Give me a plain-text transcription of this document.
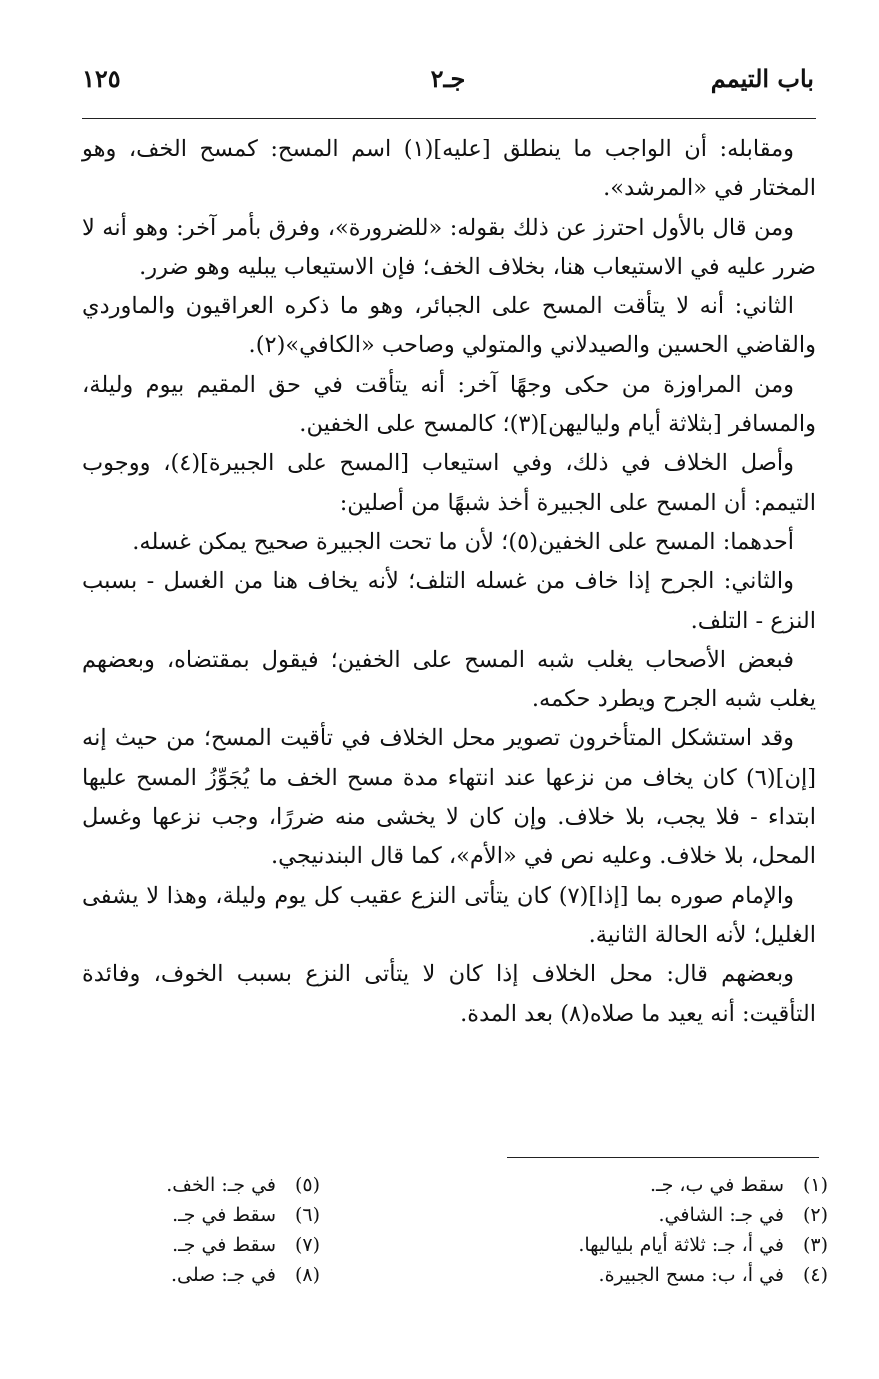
باب التيمم
جـ٢
١٢٥

ومقابله: أن الواجب ما ينطلق [عليه](١) اسم المسح: كمسح الخف، وهو المختار في «المرشد».

ومن قال بالأول احترز عن ذلك بقوله: «للضرورة»، وفرق بأمر آخر: وهو أنه لا ضرر عليه في الاستيعاب هنا، بخلاف الخف؛ فإن الاستيعاب يبليه وهو ضرر.

الثاني: أنه لا يتأقت المسح على الجبائر، وهو ما ذكره العراقيون والماوردي والقاضي الحسين والصيدلاني والمتولي وصاحب «الكافي»(٢).

ومن المراوزة من حكى وجهًا آخر: أنه يتأقت في حق المقيم بيوم وليلة، والمسافر [بثلاثة أيام ولياليهن](٣)؛ كالمسح على الخفين.

وأصل الخلاف في ذلك، وفي استيعاب [المسح على الجبيرة](٤)، ووجوب التيمم: أن المسح على الجبيرة أخذ شبهًا من أصلين:

أحدهما: المسح على الخفين(٥)؛ لأن ما تحت الجبيرة صحيح يمكن غسله.

والثاني: الجرح إذا خاف من غسله التلف؛ لأنه يخاف هنا من الغسل - بسبب النزع - التلف.

فبعض الأصحاب يغلب شبه المسح على الخفين؛ فيقول بمقتضاه، وبعضهم يغلب شبه الجرح ويطرد حكمه.

وقد استشكل المتأخرون تصوير محل الخلاف في تأقيت المسح؛ من حيث إنه [إن](٦) كان يخاف من نزعها عند انتهاء مدة مسح الخف ما يُجَوِّزُ المسح عليها ابتداء - فلا يجب، بلا خلاف. وإن كان لا يخشى منه ضررًا، وجب نزعها وغسل المحل، بلا خلاف. وعليه نص في «الأم»، كما قال البندنيجي.

والإمام صوره بما [إذا](٧) كان يتأتى النزع عقيب كل يوم وليلة، وهذا لا يشفى الغليل؛ لأنه الحالة الثانية.

وبعضهم قال: محل الخلاف إذا كان لا يتأتى النزع بسبب الخوف، وفائدة التأقيت: أنه يعيد ما صلاه(٨) بعد المدة.

(١)
سقط في ب، جـ.
(٢)
في جـ: الشافي.
(٣)
في أ، جـ: ثلاثة أيام بلياليها.
(٤)
في أ، ب: مسح الجبيرة.
(٥)
في جـ: الخف.
(٦)
سقط في جـ.
(٧)
سقط في جـ.
(٨)
في جـ: صلى.
